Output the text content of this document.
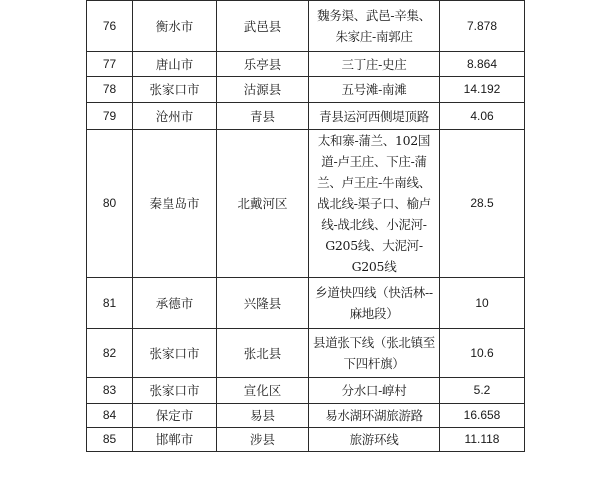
76	衡水市	武邑县	魏务渠、武邑-辛集、朱家庄-南郭庄	7.878
77	唐山市	乐亭县	三丁庄-史庄	8.864
78	张家口市	沽源县	五号滩-南滩	14.192
79	沧州市	青县	青县运河西侧堤顶路	4.06
80	秦皇岛市	北戴河区	太和寨-蒲兰、102国道-卢王庄、下庄-蒲兰、卢王庄-牛南线、战北线-渠子口、榆卢线-战北线、小泥河-G205线、大泥河-G205线	28.5
81	承德市	兴隆县	乡道快四线（快活林--麻地段）	10
82	张家口市	张北县	县道张下线（张北镇至下四杆旗）	10.6
83	张家口市	宣化区	分水口-崞村	5.2
84	保定市	易县	易水湖环湖旅游路	16.658
85	邯郸市	涉县	旅游环线	11.118
